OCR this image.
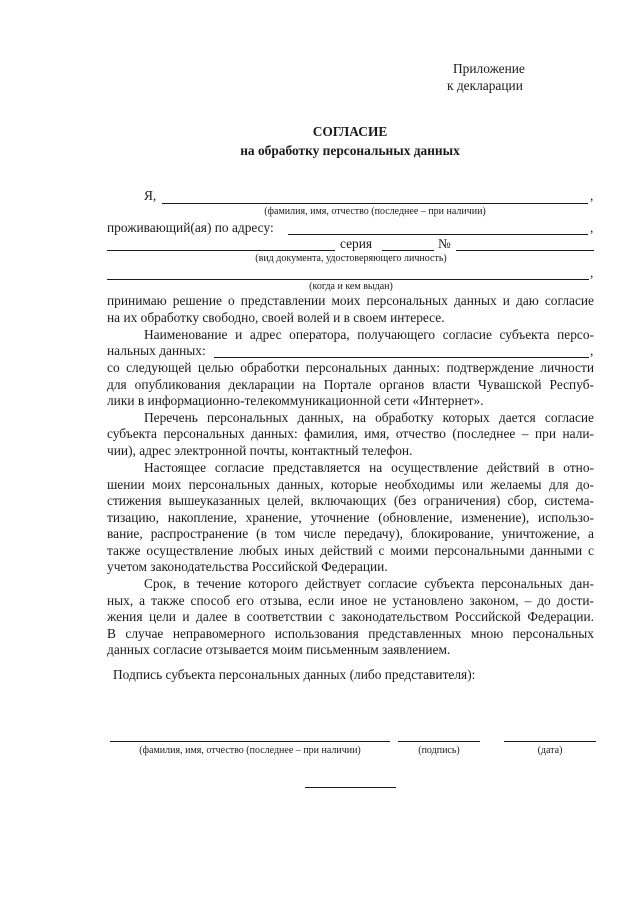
Приложение
к декларации
СОГЛАСИЕ
на обработку персональных данных
Я,	,
(фамилия, имя, отчество (последнее – при наличии)
проживающий(ая) по адресу:	,
серия	№
(вид документа, удостоверяющего личность)
,
(когда и кем выдан)
принимаю решение о представлении моих персональных данных и даю согласие
на их обработку свободно, своей волей и в своем интересе.
Наименование и адрес оператора, получающего согласие субъекта персо-
нальных данных:	,
со следующей целью обработки персональных данных: подтверждение личности
для опубликования декларации на Портале органов власти Чувашской Респуб-
лики в информационно-телекоммуникационной сети «Интернет».
Перечень персональных данных, на обработку которых дается согласие
субъекта персональных данных: фамилия, имя, отчество (последнее – при нали-
чии), адрес электронной почты, контактный телефон.
Настоящее согласие представляется на осуществление действий в отно-
шении моих персональных данных, которые необходимы или желаемы для до-
стижения вышеуказанных целей, включающих (без ограничения) сбор, система-
тизацию, накопление, хранение, уточнение (обновление, изменение), использо-
вание, распространение (в том числе передачу), блокирование, уничтожение, а
также осуществление любых иных действий с моими персональными данными с
учетом законодательства Российской Федерации.
Срок, в течение которого действует согласие субъекта персональных дан-
ных, а также способ его отзыва, если иное не установлено законом, – до дости-
жения цели и далее в соответствии с законодательством Российской Федерации.
В случае неправомерного использования представленных мною персональных
данных согласие отзывается моим письменным заявлением.
Подпись субъекта персональных данных (либо представителя):
(фамилия, имя, отчество (последнее – при наличии)	(подпись)	(дата)
